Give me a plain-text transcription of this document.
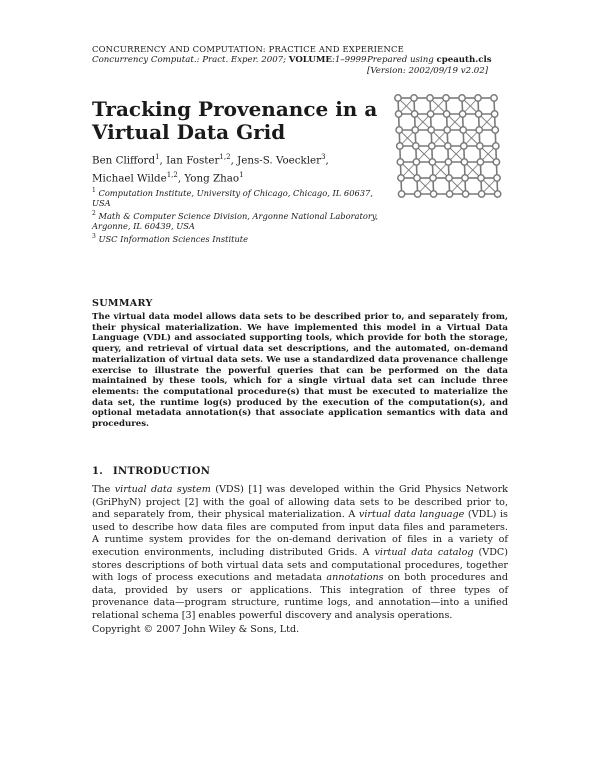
CONCURRENCY AND COMPUTATION: PRACTICE AND EXPERIENCE
Concurrency Computat.: Pract. Exper. 2007; VOLUME:1–9999 Prepared using cpeauth.cls [Version: 2002/09/19 v2.02]
Tracking Provenance in a
Virtual Data Grid
Ben Clifford$^1$, Ian Foster$^{1,2}$, Jens-S. Voeckler$^3$,
Michael Wilde$^{1,2}$, Yong Zhao$^1$
$^1$ Computation Institute, University of Chicago, Chicago, IL 60637, USA
$^2$ Math & Computer Science Division, Argonne National Laboratory, Argonne, IL 60439, USA
$^3$ USC Information Sciences Institute
SUMMARY
The virtual data model allows data sets to be described prior to, and separately from, their physical materialization. We have implemented this model in a Virtual Data Language (VDL) and associated supporting tools, which provide for both the storage, query, and retrieval of virtual data set descriptions, and the automated, on-demand materialization of virtual data sets. We use a standardized data provenance challenge exercise to illustrate the powerful queries that can be performed on the data maintained by these tools, which for a single virtual data set can include three elements: the computational procedure(s) that must be executed to materialize the data set, the runtime log(s) produced by the execution of the computation(s), and optional metadata annotation(s) that associate application semantics with data and procedures.
1. INTRODUCTION
The virtual data system (VDS) [1] was developed within the Grid Physics Network (GriPhyN) project [2] with the goal of allowing data sets to be described prior to, and separately from, their physical materialization. A virtual data language (VDL) is used to describe how data files are computed from input data files and parameters. A runtime system provides for the on-demand derivation of files in a variety of execution environments, including distributed Grids. A virtual data catalog (VDC) stores descriptions of both virtual data sets and computational procedures, together with logs of process executions and metadata annotations on both procedures and data, provided by users or applications. This integration of three types of provenance data—program structure, runtime logs, and annotation—into a unified relational schema [3] enables powerful discovery and analysis operations.
Copyright © 2007 John Wiley & Sons, Ltd.
